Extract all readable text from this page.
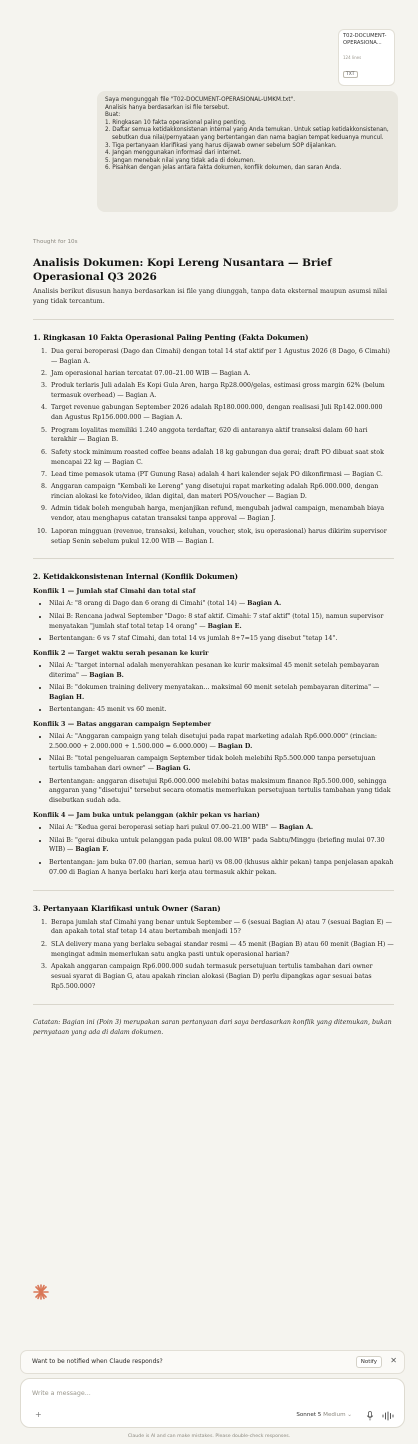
T02-DOCUMENT-OPERASIONA...
124 lines
TXT
Saya mengunggah file "T02-DOCUMENT-OPERASIONAL-UMKM.txt".
Analisis hanya berdasarkan isi file tersebut.
Buat:
1. Ringkasan 10 fakta operasional paling penting.
2. Daftar semua ketidakkonsistenan internal yang Anda temukan. Untuk setiap ketidakkonsistenan, sebutkan dua nilai/pernyataan yang bertentangan dan nama bagian tempat keduanya muncul.
3. Tiga pertanyaan klarifikasi yang harus dijawab owner sebelum SOP dijalankan.
4. Jangan menggunakan informasi dari internet.
5. Jangan menebak nilai yang tidak ada di dokumen.
6. Pisahkan dengan jelas antara fakta dokumen, konflik dokumen, dan saran Anda.
Thought for 10s
Analisis Dokumen: Kopi Lereng Nusantara — Brief Operasional Q3 2026

Analisis berikut disusun hanya berdasarkan isi file yang diunggah, tanpa data eksternal maupun asumsi nilai yang tidak tercantum.

1. Ringkasan 10 Fakta Operasional Paling Penting (Fakta Dokumen)
1. Dua gerai beroperasi (Dago dan Cimahi) dengan total 14 staf aktif per 1 Agustus 2026 (8 Dago, 6 Cimahi) — Bagian A.
2. Jam operasional harian tercatat 07.00–21.00 WIB — Bagian A.
3. Produk terlaris Juli adalah Es Kopi Gula Aren, harga Rp28.000/gelas, estimasi gross margin 62% (belum termasuk overhead) — Bagian A.
4. Target revenue gabungan September 2026 adalah Rp180.000.000, dengan realisasi Juli Rp142.000.000 dan Agustus Rp156.000.000 — Bagian A.
5. Program loyalitas memiliki 1.240 anggota terdaftar, 620 di antaranya aktif transaksi dalam 60 hari terakhir — Bagian B.
6. Safety stock minimum roasted coffee beans adalah 18 kg gabungan dua gerai; draft PO dibuat saat stok mencapai 22 kg — Bagian C.
7. Lead time pemasok utama (PT Gunung Rasa) adalah 4 hari kalender sejak PO dikonfirmasi — Bagian C.
8. Anggaran campaign "Kembali ke Lereng" yang disetujui rapat marketing adalah Rp6.000.000, dengan rincian alokasi ke foto/video, iklan digital, dan materi POS/voucher — Bagian D.
9. Admin tidak boleh mengubah harga, menjanjikan refund, mengubah jadwal campaign, menambah biaya vendor, atau menghapus catatan transaksi tanpa approval — Bagian J.
10. Laporan mingguan (revenue, transaksi, keluhan, voucher, stok, isu operasional) harus dikirim supervisor setiap Senin sebelum pukul 12.00 WIB — Bagian I.
2. Ketidakkonsistenan Internal (Konflik Dokumen)
Konflik 1 — Jumlah staf Cimahi dan total staf
• Nilai A: "8 orang di Dago dan 6 orang di Cimahi" (total 14) — Bagian A.
• Nilai B: Rencana jadwal September "Dago: 8 staf aktif. Cimahi: 7 staf aktif" (total 15), namun supervisor menyatakan "jumlah staf total tetap 14 orang" — Bagian E.
• Bertentangan: 6 vs 7 staf Cimahi, dan total 14 vs jumlah 8+7=15 yang disebut "tetap 14".
Konflik 2 — Target waktu serah pesanan ke kurir
• Nilai A: "target internal adalah menyerahkan pesanan ke kurir maksimal 45 menit setelah pembayaran diterima" — Bagian B.
• Nilai B: "dokumen training delivery menyatakan... maksimal 60 menit setelah pembayaran diterima" — Bagian H.
• Bertentangan: 45 menit vs 60 menit.
Konflik 3 — Batas anggaran campaign September
• Nilai A: "Anggaran campaign yang telah disetujui pada rapat marketing adalah Rp6.000.000" (rincian: 2.500.000 + 2.000.000 + 1.500.000 = 6.000.000) — Bagian D.
• Nilai B: "total pengeluaran campaign September tidak boleh melebihi Rp5.500.000 tanpa persetujuan tertulis tambahan dari owner" — Bagian G.
• Bertentangan: anggaran disetujui Rp6.000.000 melebihi batas maksimum finance Rp5.500.000, sehingga anggaran yang "disetujui" tersebut secara otomatis memerlukan persetujuan tertulis tambahan yang tidak disebutkan sudah ada.
Konflik 4 — Jam buka untuk pelanggan (akhir pekan vs harian)
• Nilai A: "Kedua gerai beroperasi setiap hari pukul 07.00–21.00 WIB" — Bagian A.
• Nilai B: "gerai dibuka untuk pelanggan pada pukul 08.00 WIB" pada Sabtu/Minggu (briefing mulai 07.30 WIB) — Bagian F.
• Bertentangan: jam buka 07.00 (harian, semua hari) vs 08.00 (khusus akhir pekan) tanpa penjelasan apakah 07.00 di Bagian A hanya berlaku hari kerja atau termasuk akhir pekan.
3. Pertanyaan Klarifikasi untuk Owner (Saran)
1. Berapa jumlah staf Cimahi yang benar untuk September — 6 (sesuai Bagian A) atau 7 (sesuai Bagian E) — dan apakah total staf tetap 14 atau bertambah menjadi 15?
2. SLA delivery mana yang berlaku sebagai standar resmi — 45 menit (Bagian B) atau 60 menit (Bagian H) — mengingat admin memerlukan satu angka pasti untuk operasional harian?
3. Apakah anggaran campaign Rp6.000.000 sudah termasuk persetujuan tertulis tambahan dari owner sesuai syarat di Bagian G, atau apakah rincian alokasi (Bagian D) perlu dipangkas agar sesuai batas Rp5.500.000?

Catatan: Bagian ini (Poin 3) merupakan saran pertanyaan dari saya berdasarkan konflik yang ditemukan, bukan pernyataan yang ada di dalam dokumen.

Want to be notified when Claude responds?	Notify	✕
Write a message...
+	Sonnet 5 Medium ⌄
Claude is AI and can make mistakes. Please double-check responses.
